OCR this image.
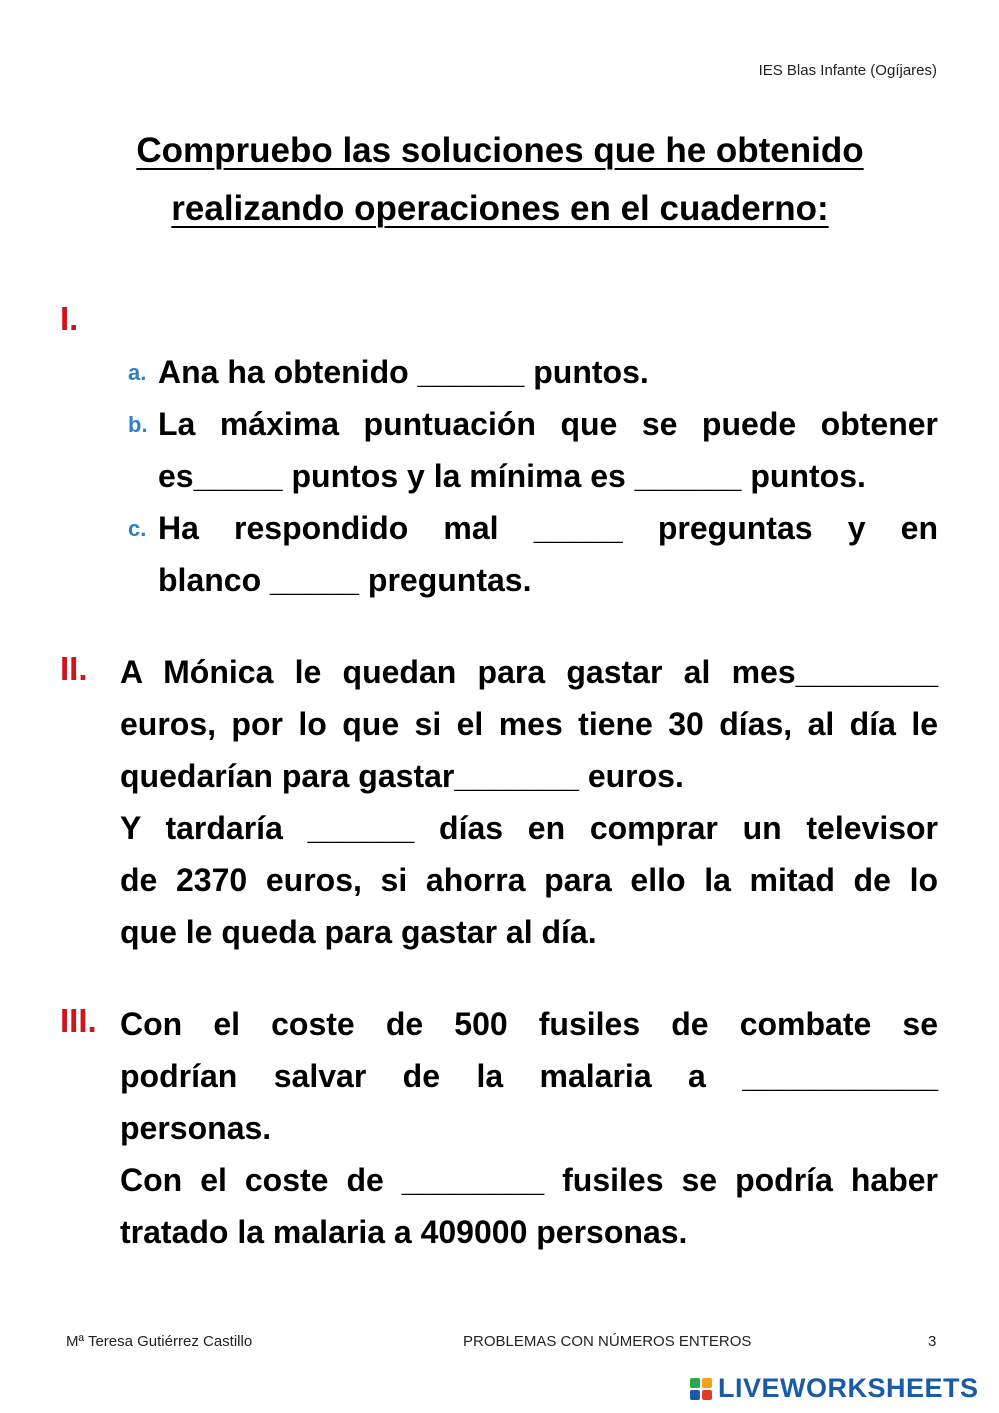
IES Blas Infante (Ogíjares)
Compruebo las soluciones que he obtenido
realizando operaciones en el cuaderno:
I.
a. Ana ha obtenido ______ puntos.
b. La máxima puntuación que se puede obtener
es_____ puntos y la mínima es ______ puntos.
c. Ha respondido mal _____ preguntas y en
blanco _____ preguntas.
II. A Mónica le quedan para gastar al mes________
euros, por lo que si el mes tiene 30 días, al día le
quedarían para gastar_______ euros.
Y tardaría ______ días en comprar un televisor
de 2370 euros, si ahorra para ello la mitad de lo
que le queda para gastar al día.
III. Con el coste de 500 fusiles de combate se
podrían salvar de la malaria a ___________
personas.
Con el coste de ________ fusiles se podría haber
tratado la malaria a 409000 personas.
Mª Teresa Gutiérrez Castillo	PROBLEMAS CON NÚMEROS ENTEROS	3
LIVEWORKSHEETS
